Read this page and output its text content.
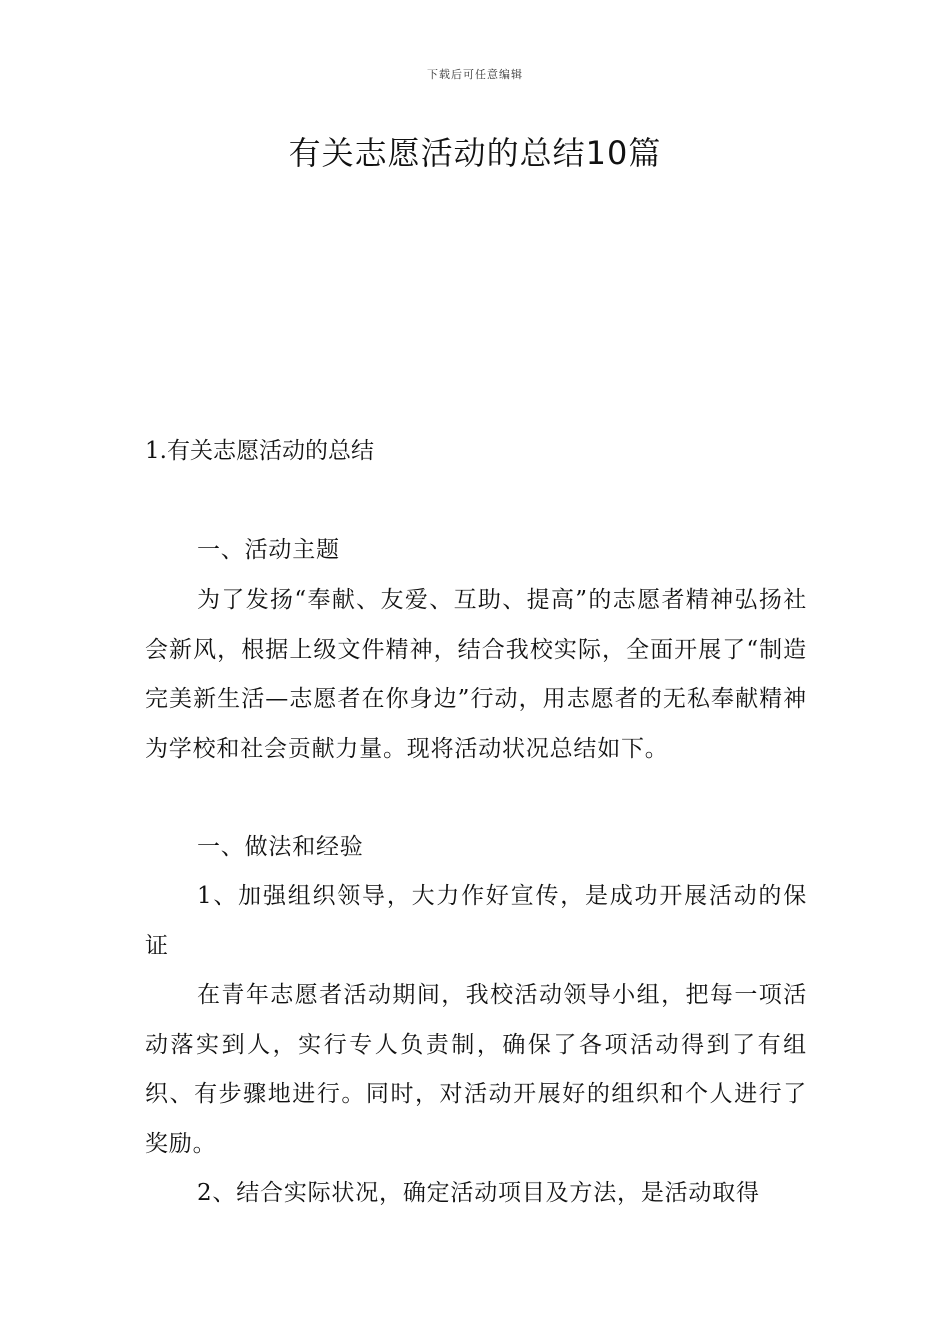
下载后可任意编辑
有关志愿活动的总结10篇
1.有关志愿活动的总结
一、活动主题
为了发扬“奉献、友爱、互助、提高”的志愿者精神弘扬社会新风，根据上级文件精神，结合我校实际，全面开展了“制造完美新生活—志愿者在你身边”行动，用志愿者的无私奉献精神为学校和社会贡献力量。现将活动状况总结如下。
一、做法和经验
1、加强组织领导，大力作好宣传，是成功开展活动的保证
在青年志愿者活动期间，我校活动领导小组，把每一项活动落实到人，实行专人负责制，确保了各项活动得到了有组织、有步骤地进行。同时，对活动开展好的组织和个人进行了奖励。
2、结合实际状况，确定活动项目及方法，是活动取得
